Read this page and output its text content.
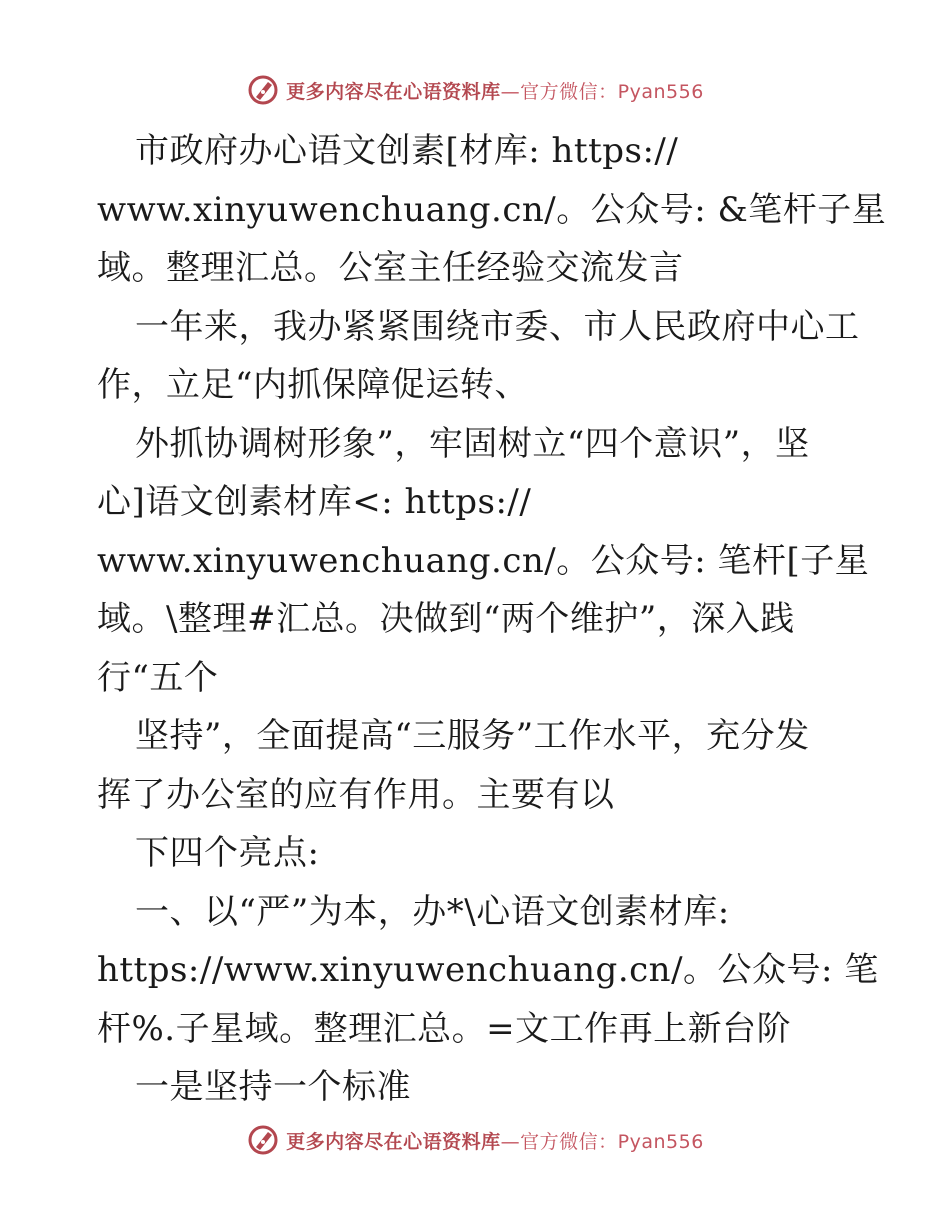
更多内容尽在心语资料库 —官方微信：Pyan556
市政府办心语文创素[材库: https://
www.xinyuwenchuang.cn/。公众号: &笔杆子星
域。整理汇总。公室主任经验交流发言
一年来，我办紧紧围绕市委、市人民政府中心工
作，立足“内抓保障促运转、
外抓协调树形象”，牢固树立“四个意识”，坚
心]语文创素材库<: https://
www.xinyuwenchuang.cn/。公众号: 笔杆[子星
域。\整理#汇总。决做到“两个维护”，深入践
行“五个
坚持”，全面提高“三服务”工作水平，充分发
挥了办公室的应有作用。主要有以
下四个亮点:
一、以“严”为本，办*\心语文创素材库:
https://www.xinyuwenchuang.cn/。公众号: 笔
杆%.子星域。整理汇总。=文工作再上新台阶
一是坚持一个标准
更多内容尽在心语资料库 —官方微信：Pyan556
